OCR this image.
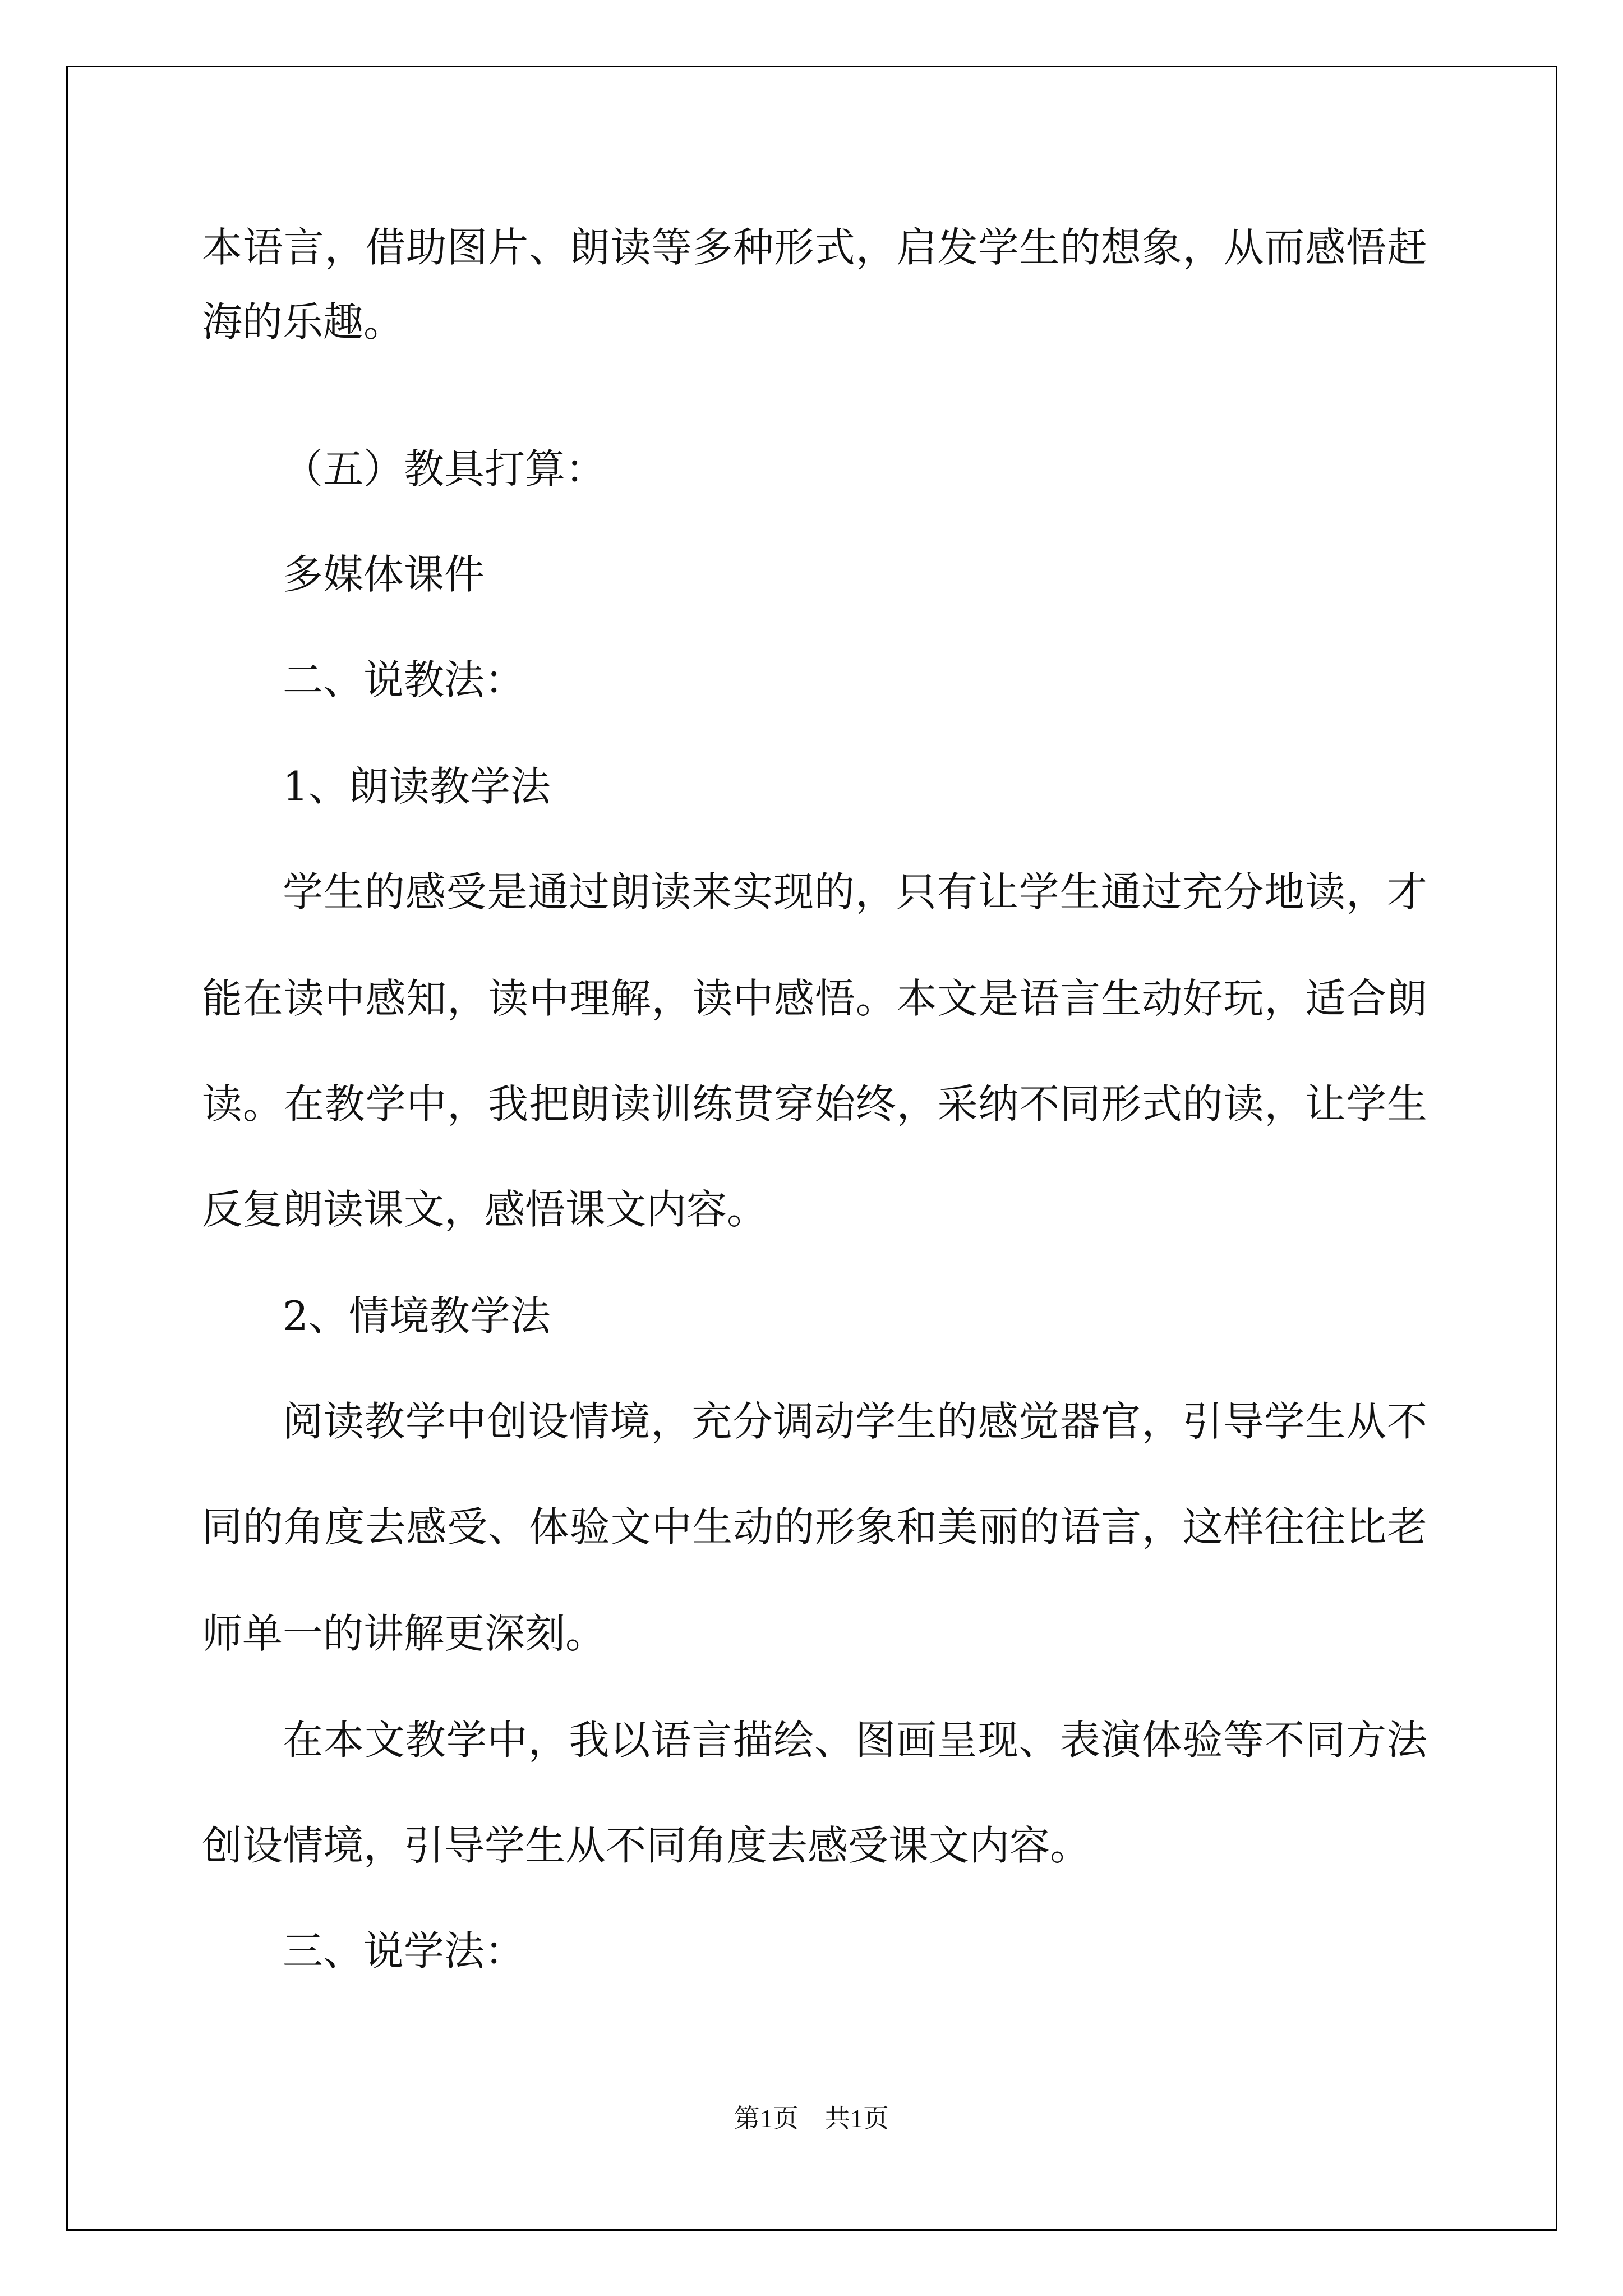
本语言，借助图片、朗读等多种形式，启发学生的想象，从而感悟赶

海的乐趣。

（五）教具打算：

多媒体课件

二、说教法：

1、朗读教学法

学生的感受是通过朗读来实现的，只有让学生通过充分地读，才

能在读中感知，读中理解，读中感悟。本文是语言生动好玩，适合朗

读。在教学中，我把朗读训练贯穿始终，采纳不同形式的读，让学生

反复朗读课文，感悟课文内容。

2、情境教学法

阅读教学中创设情境，充分调动学生的感觉器官，引导学生从不

同的角度去感受、体验文中生动的形象和美丽的语言，这样往往比老

师单一的讲解更深刻。

在本文教学中，我以语言描绘、图画呈现、表演体验等不同方法

创设情境，引导学生从不同角度去感受课文内容。

三、说学法：

第1页　共1页
